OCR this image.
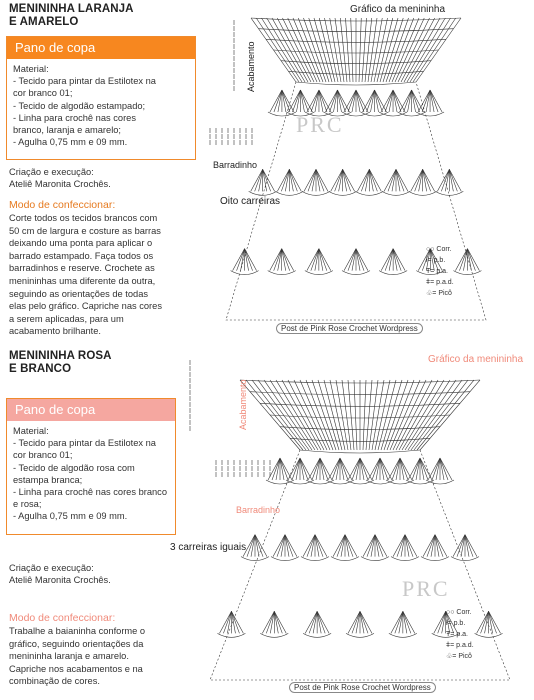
MENININHA LARANJA
E AMARELO
Pano de copa
Material:
- Tecido para pintar da Estilotex na
cor branco 01;
- Tecido de algodão estampado;
- Linha para crochê nas cores
branco, laranja e amarelo;
- Agulha 0,75 mm e 09 mm.
Criação e execução:
Ateliê Maronita Crochês.
Modo de confeccionar:
Corte todos os tecidos brancos com
50 cm de largura e costure as barras
deixando uma ponta para aplicar o
barrado estampado. Faça todos os
barradinhos e reserve. Crochete as
menininhas uma diferente da outra,
seguindo as orientações de todas
elas pelo gráfico. Capriche nas cores
a serem aplicadas, para um
acabamento brilhante.
Gráfico da menininha
Acabamento
Barradinho
Oito carreiras
PRC
Post de Pink Rose Crochet Wordpress
○○ Corr.
ƚ= p.b.
Ŧ= p.a.
ǂ= p.a.d.
♧= Picô
MENININHA ROSA
E BRANCO
Pano de copa
Material:
- Tecido para pintar da Estilotex na
cor branco 01;
- Tecido de algodão rosa com
estampa branca;
- Linha para crochê nas cores branco
e rosa;
- Agulha 0,75 mm e 09 mm.
Criação e execução:
Ateliê Maronita Crochês.
Modo de confeccionar:
Trabalhe a baianinha conforme o
gráfico, seguindo orientações da
menininha laranja e amarelo.
Capriche nos acabamentos e na
combinação de cores.
Gráfico da menininha
Acabamento
Barradinho
3 carreiras iguais
PRC
Post de Pink Rose Crochet Wordpress
○○ Corr.
ƚ= p.b.
Ŧ= p.a.
ǂ= p.a.d.
♧= Picô
